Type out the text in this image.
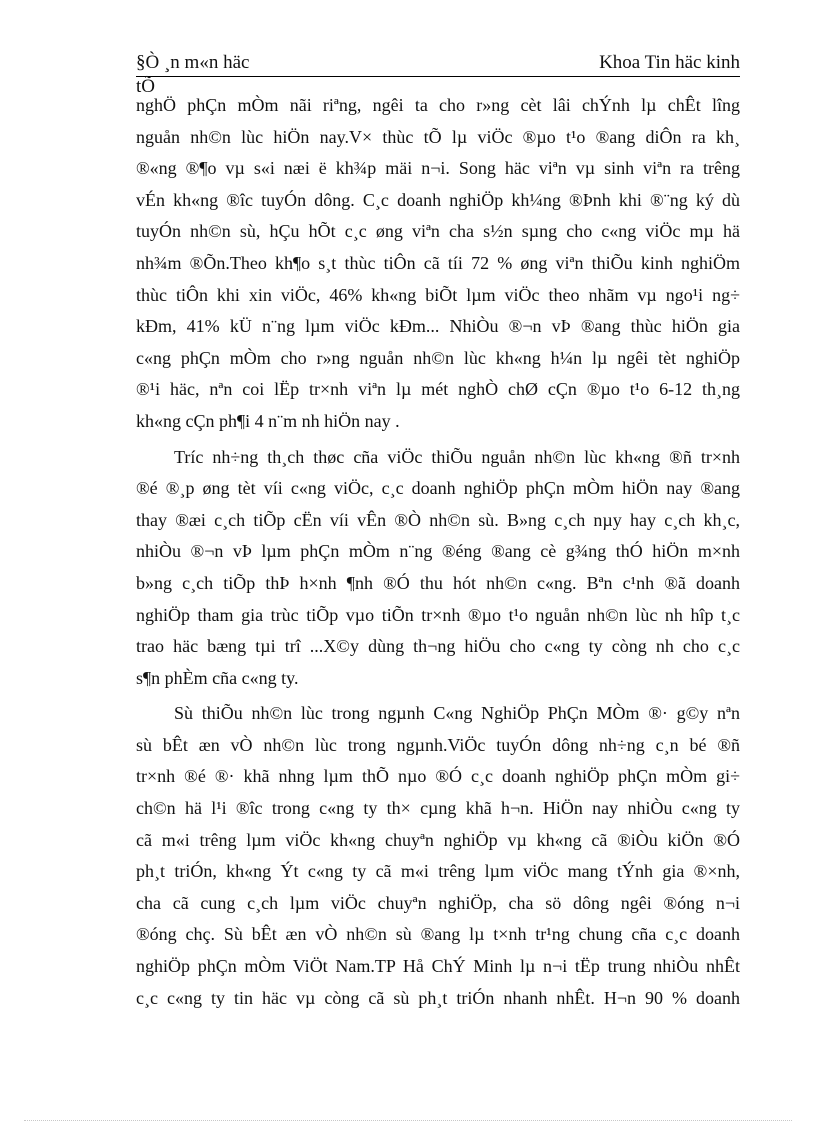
§Ò ¸n m«n häc	Khoa Tin häc kinh
tÕ
nghÖ phÇn mÒm nãi riªng, ngêi ta cho r»ng cèt lâi chÝnh lµ chÊt lîng
nguån nh©n lùc hiÖn nay.V× thùc tÕ lµ viÖc ®µo t¹o ®ang diÔn ra kh¸
®«ng ®¶o vµ s«i næi ë kh¾p mäi n¬i. Song häc viªn vµ sinh viªn ra trêng
vÉn kh«ng ®îc tuyÓn dông. C¸c doanh nghiÖp kh¼ng ®Þnh khi ®¨ng ký dù
tuyÓn nh©n sù, hÇu hÕt c¸c øng viªn cha s½n sµng cho c«ng viÖc mµ hä
nh¾m ®Õn.Theo kh¶o s¸t thùc tiÔn cã tíi 72 % øng viªn thiÕu kinh nghiÖm
thùc tiÔn khi xin viÖc, 46% kh«ng biÕt lµm viÖc theo nhãm vµ ngo¹i ng÷
kÐm, 41% kÜ n¨ng lµm viÖc kÐm... NhiÒu ®¬n vÞ ®ang thùc hiÖn gia
c«ng phÇn mÒm cho r»ng nguån nh©n lùc kh«ng h¼n lµ ngêi tèt nghiÖp
®¹i häc, nªn coi lËp tr×nh viªn lµ mét nghÒ chØ cÇn ®µo t¹o 6-12 th¸ng
kh«ng cÇn ph¶i 4 n¨m nh hiÖn nay .
Tríc nh÷ng th¸ch thøc cña viÖc thiÕu nguån nh©n lùc kh«ng ®ñ tr×nh
®é ®¸p øng tèt víi c«ng viÖc, c¸c doanh nghiÖp phÇn mÒm hiÖn nay ®ang
thay ®æi c¸ch tiÕp cËn víi vÊn ®Ò nh©n sù. B»ng c¸ch nµy hay c¸ch kh¸c,
nhiÒu ®¬n vÞ lµm phÇn mÒm n¨ng ®éng ®ang cè g¾ng thÓ hiÖn m×nh
b»ng c¸ch tiÕp thÞ h×nh ¶nh ®Ó thu hót nh©n c«ng. Bªn c¹nh ®ã doanh
nghiÖp tham gia trùc tiÕp vµo tiÕn tr×nh ®µo t¹o nguån nh©n lùc nh hîp t¸c
trao häc bæng tµi trî ...X©y dùng th¬ng hiÖu cho c«ng ty còng nh cho c¸c
s¶n phÈm cña c«ng ty.
Sù thiÕu nh©n lùc trong ngµnh C«ng NghiÖp PhÇn MÒm ®· g©y nªn
sù bÊt æn vÒ nh©n lùc trong ngµnh.ViÖc tuyÓn dông nh÷ng c¸n bé ®ñ
tr×nh ®é ®· khã nhng lµm thÕ nµo ®Ó c¸c doanh nghiÖp phÇn mÒm gi÷
ch©n hä l¹i ®îc trong c«ng ty th× cµng khã h¬n. HiÖn nay nhiÒu c«ng ty
cã m«i trêng lµm viÖc kh«ng chuyªn nghiÖp vµ kh«ng cã ®iÒu kiÖn ®Ó
ph¸t triÓn, kh«ng Ýt c«ng ty cã m«i trêng lµm viÖc mang tÝnh gia ®×nh,
cha cã cung c¸ch lµm viÖc chuyªn nghiÖp, cha sö dông ngêi ®óng n¬i
®óng chç. Sù bÊt æn vÒ nh©n sù ®ang lµ t×nh tr¹ng chung cña c¸c doanh
nghiÖp phÇn mÒm ViÖt Nam.TP Hå ChÝ Minh lµ n¬i tËp trung nhiÒu nhÊt
c¸c c«ng ty tin häc vµ còng cã sù ph¸t triÓn nhanh nhÊt. H¬n 90 % doanh
